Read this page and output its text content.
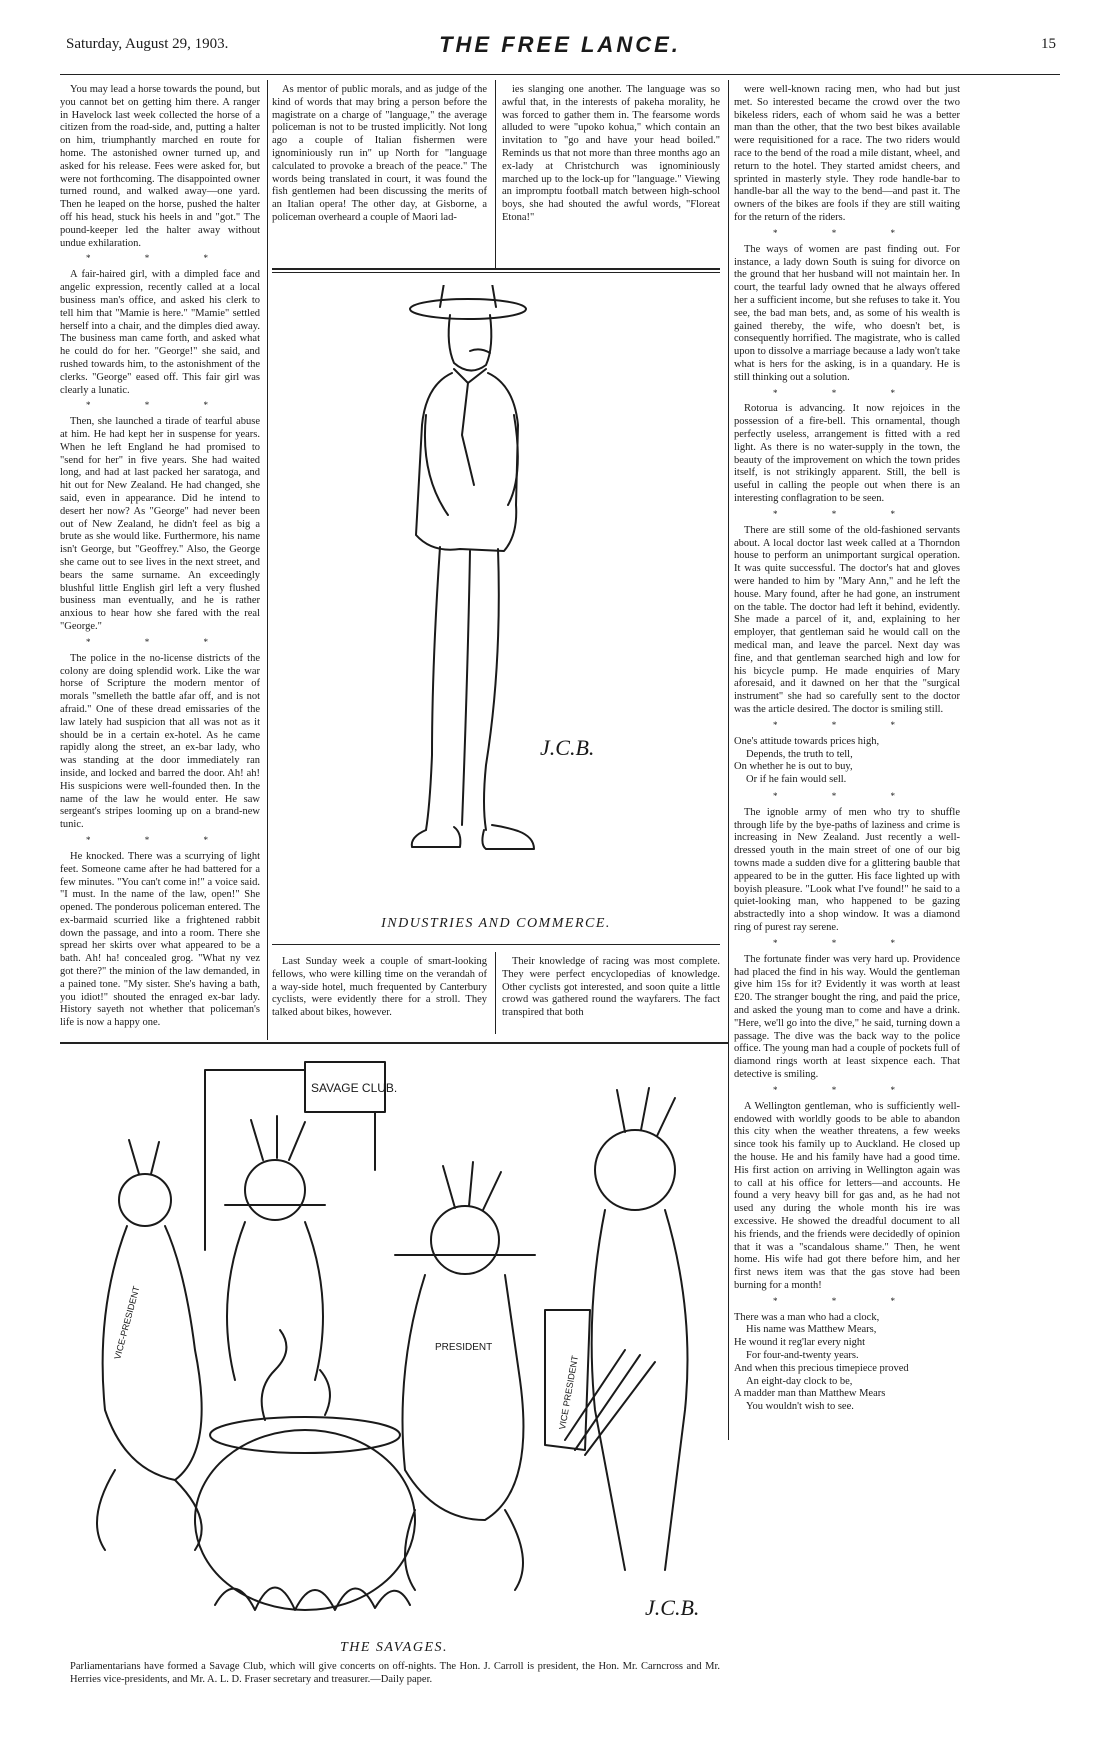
Saturday, August 29, 1903.	THE FREE LANCE.	15

You may lead a horse towards the pound, but you cannot bet on getting him there. A ranger in Havelock last week collected the horse of a citizen from the road-side, and, putting a halter on him, triumphantly marched en route for home. The astonished owner turned up, and asked for his release. Fees were asked for, but were not forthcoming. The disappointed owner turned round, and walked away—one yard. Then he leaped on the horse, pushed the halter off his head, stuck his heels in and "got." The pound-keeper led the halter away without undue exhilaration.

* * *

A fair-haired girl, with a dimpled face and angelic expression, recently called at a local business man's office, and asked his clerk to tell him that "Mamie is here." "Mamie" settled herself into a chair, and the dimples died away. The business man came forth, and asked what he could do for her. "George!" she said, and rushed towards him, to the astonishment of the clerks. "George" eased off. This fair girl was clearly a lunatic.

* * *

Then, she launched a tirade of tearful abuse at him. He had kept her in suspense for years. When he left England he had promised to "send for her" in five years. She had waited long, and had at last packed her saratoga, and hit out for New Zealand. He had changed, she said, even in appearance. Did he intend to desert her now? As "George" had never been out of New Zealand, he didn't feel as big a brute as she would like. Furthermore, his name isn't George, but "Geoffrey." Also, the George she came out to see lives in the next street, and bears the same surname. An exceedingly blushful little English girl left a very flushed business man eventually, and he is rather anxious to hear how she fared with the real "George."

* * *

The police in the no-license districts of the colony are doing splendid work. Like the war horse of Scripture the modern mentor of morals "smelleth the battle afar off, and is not afraid." One of these dread emissaries of the law lately had suspicion that all was not as it should be in a certain ex-hotel. As he came rapidly along the street, an ex-bar lady, who was standing at the door immediately ran inside, and locked and barred the door. Ah! ah! His suspicions were well-founded then. In the name of the law he would enter. He saw sergeant's stripes looming up on a brand-new tunic.

* * *

He knocked. There was a scurrying of light feet. Someone came after he had battered for a few minutes. "You can't come in!" a voice said. "I must. In the name of the law, open!" She opened. The ponderous policeman entered. The ex-barmaid scurried like a frightened rabbit down the passage, and into a room. There she spread her skirts over what appeared to be a bath. Ah! ha! concealed grog. "What ny vez got there?" the minion of the law demanded, in a pained tone. "My sister. She's having a bath, you idiot!" shouted the enraged ex-bar lady. History sayeth not whether that policeman's life is now a happy one.

As mentor of public morals, and as judge of the kind of words that may bring a person before the magistrate on a charge of "language," the average policeman is not to be trusted implicitly. Not long ago a couple of Italian fishermen were ignominiously run in" up North for "language calculated to provoke a breach of the peace." The words being translated in court, it was found the fish gentlemen had been discussing the merits of an Italian opera! The other day, at Gisborne, a policeman overheard a couple of Maori lad-

ies slanging one another. The language was so awful that, in the interests of pakeha morality, he was forced to gather them in. The fearsome words alluded to were "upoko kohua," which contain an invitation to "go and have your head boiled." Reminds us that not more than three months ago an ex-lady at Christchurch was ignominiously marched up to the lock-up for "language." Viewing an impromptu football match between high-school boys, she had shouted the awful words, "Floreat Etona!"

J.C.B.
INDUSTRIES AND COMMERCE.

Last Sunday week a couple of smart-looking fellows, who were killing time on the verandah of a way-side hotel, much frequented by Canterbury cyclists, were evidently there for a stroll. They talked about bikes, however.

Their knowledge of racing was most complete. They were perfect encyclopedias of knowledge. Other cyclists got interested, and soon quite a little crowd was gathered round the wayfarers. The fact transpired that both

were well-known racing men, who had but just met. So interested became the crowd over the two bikeless riders, each of whom said he was a better man than the other, that the two best bikes available were requisitioned for a race. The two riders would race to the bend of the road a mile distant, wheel, and return to the hotel. They started amidst cheers, and sprinted in masterly style. They rode handle-bar to handle-bar all the way to the bend—and past it. The owners of the bikes are fools if they are still waiting for the return of the riders.

* * *

The ways of women are past finding out. For instance, a lady down South is suing for divorce on the ground that her husband will not maintain her. In court, the tearful lady owned that he always offered her a sufficient income, but she refuses to take it. You see, the bad man bets, and, as some of his wealth is gained thereby, the wife, who doesn't bet, is consequently horrified. The magistrate, who is called upon to dissolve a marriage because a lady won't take what is hers for the asking, is in a quandary. He is still thinking out a solution.

* * *

Rotorua is advancing. It now rejoices in the possession of a fire-bell. This ornamental, though perfectly useless, arrangement is fitted with a red light. As there is no water-supply in the town, the beauty of the improvement on which the town prides itself, is not strikingly apparent. Still, the bell is useful in calling the people out when there is an interesting conflagration to be seen.

* * *

There are still some of the old-fashioned servants about. A local doctor last week called at a Thorndon house to perform an unimportant surgical operation. It was quite successful. The doctor's hat and gloves were handed to him by "Mary Ann," and he left the house. Mary found, after he had gone, an instrument on the table. The doctor had left it behind, evidently. She made a parcel of it, and, explaining to her employer, that gentleman said he would call on the medical man, and leave the parcel. Next day was fine, and that gentleman searched high and low for his bicycle pump. He made enquiries of Mary aforesaid, and it dawned on her that the "surgical instrument" she had so carefully sent to the doctor was the article desired. The doctor is smiling still.

* * *
One's attitude towards prices high,
Depends, the truth to tell,
On whether he is out to buy,
Or if he fain would sell.
* * *

The ignoble army of men who try to shuffle through life by the bye-paths of laziness and crime is increasing in New Zealand. Just recently a well-dressed youth in the main street of one of our big towns made a sudden dive for a glittering bauble that appeared to be in the gutter. His face lighted up with boyish pleasure. "Look what I've found!" he said to a quiet-looking man, who happened to be gazing abstractedly into a shop window. It was a diamond ring of purest ray serene.

* * *

The fortunate finder was very hard up. Providence had placed the find in his way. Would the gentleman give him 15s for it? Evidently it was worth at least £20. The stranger bought the ring, and paid the price, and asked the young man to come and have a drink. "Here, we'll go into the dive," he said, turning down a passage. The dive was the back way to the police office. The young man had a couple of pockets full of diamond rings worth at least sixpence each. That detective is smiling.

* * *

A Wellington gentleman, who is sufficiently well-endowed with worldly goods to be able to abandon this city when the weather threatens, a few weeks since took his family up to Auckland. He closed up the house. He and his family have had a good time. His first action on arriving in Wellington again was to call at his office for letters—and accounts. He found a very heavy bill for gas and, as he had not used any during the whole month his ire was excessive. He showed the dreadful document to all his friends, and the friends were decidedly of opinion that it was a "scandalous shame." Then, he went home. His wife had got there before him, and her first news item was that the gas stove had been burning for a month!

* * *
There was a man who had a clock,
His name was Matthew Mears,
He wound it reg'lar every night
For four-and-twenty years.
And when this precious timepiece proved
An eight-day clock to be,
A madder man than Matthew Mears
You wouldn't wish to see.
SAVAGE CLUB.
PRESIDENT
VICE-PRESIDENT
VICE PRESIDENT
J.C.B.
THE SAVAGES.
Parliamentarians have formed a Savage Club, which will give concerts on off-nights. The Hon. J. Carroll is president, the Hon. Mr. Carncross and Mr. Herries vice-presidents, and Mr. A. L. D. Fraser secretary and treasurer.—Daily paper.
